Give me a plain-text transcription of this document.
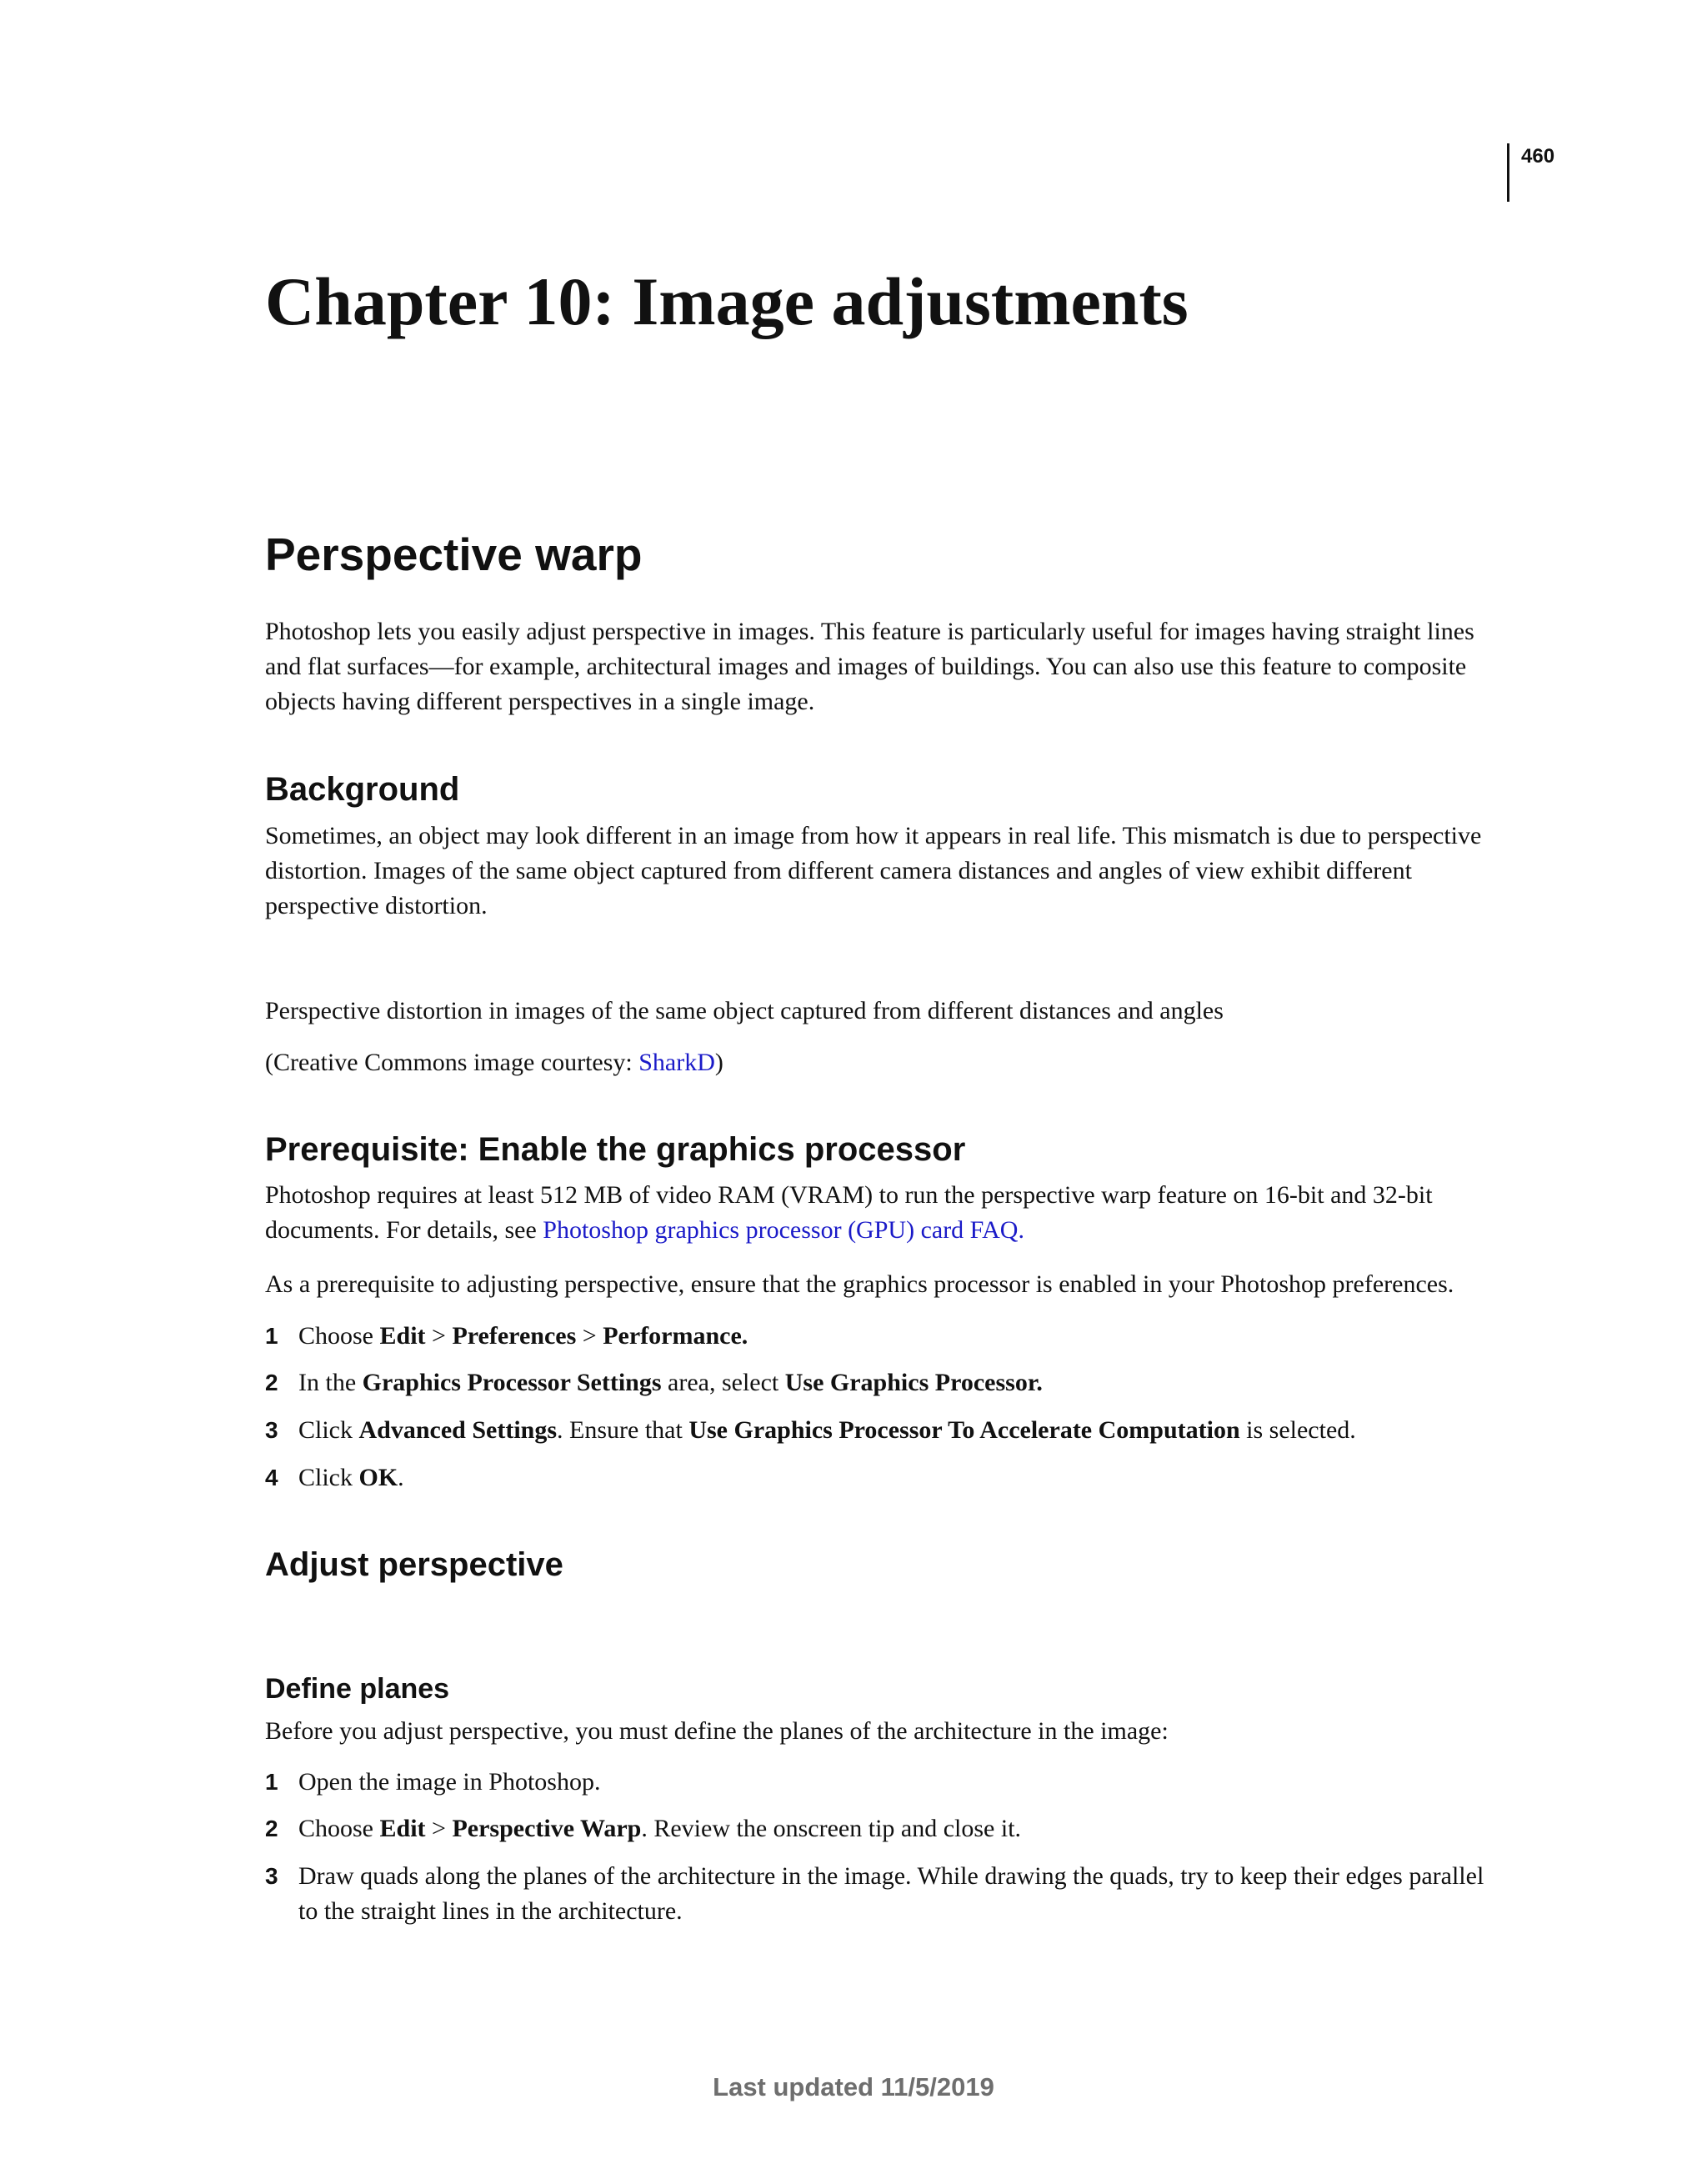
460

Chapter 10: Image adjustments
Perspective warp

Photoshop lets you easily adjust perspective in images. This feature is particularly useful for images having straight lines and flat surfaces—for example, architectural images and images of buildings. You can also use this feature to composite objects having different perspectives in a single image.

Background

Sometimes, an object may look different in an image from how it appears in real life. This mismatch is due to perspective distortion. Images of the same object captured from different camera distances and angles of view exhibit different perspective distortion.

Perspective distortion in images of the same object captured from different distances and angles

(Creative Commons image courtesy: SharkD)

Prerequisite: Enable the graphics processor

Photoshop requires at least 512 MB of video RAM (VRAM) to run the perspective warp feature on 16-bit and 32-bit documents. For details, see Photoshop graphics processor (GPU) card FAQ.

As a prerequisite to adjusting perspective, ensure that the graphics processor is enabled in your Photoshop preferences.

1 Choose Edit > Preferences > Performance.
2 In the Graphics Processor Settings area, select Use Graphics Processor.
3 Click Advanced Settings. Ensure that Use Graphics Processor To Accelerate Computation is selected.
4 Click OK.
Adjust perspective
Define planes

Before you adjust perspective, you must define the planes of the architecture in the image:

1 Open the image in Photoshop.
2 Choose Edit > Perspective Warp. Review the onscreen tip and close it.
3 Draw quads along the planes of the architecture in the image. While drawing the quads, try to keep their edges parallel to the straight lines in the architecture.

Last updated 11/5/2019
